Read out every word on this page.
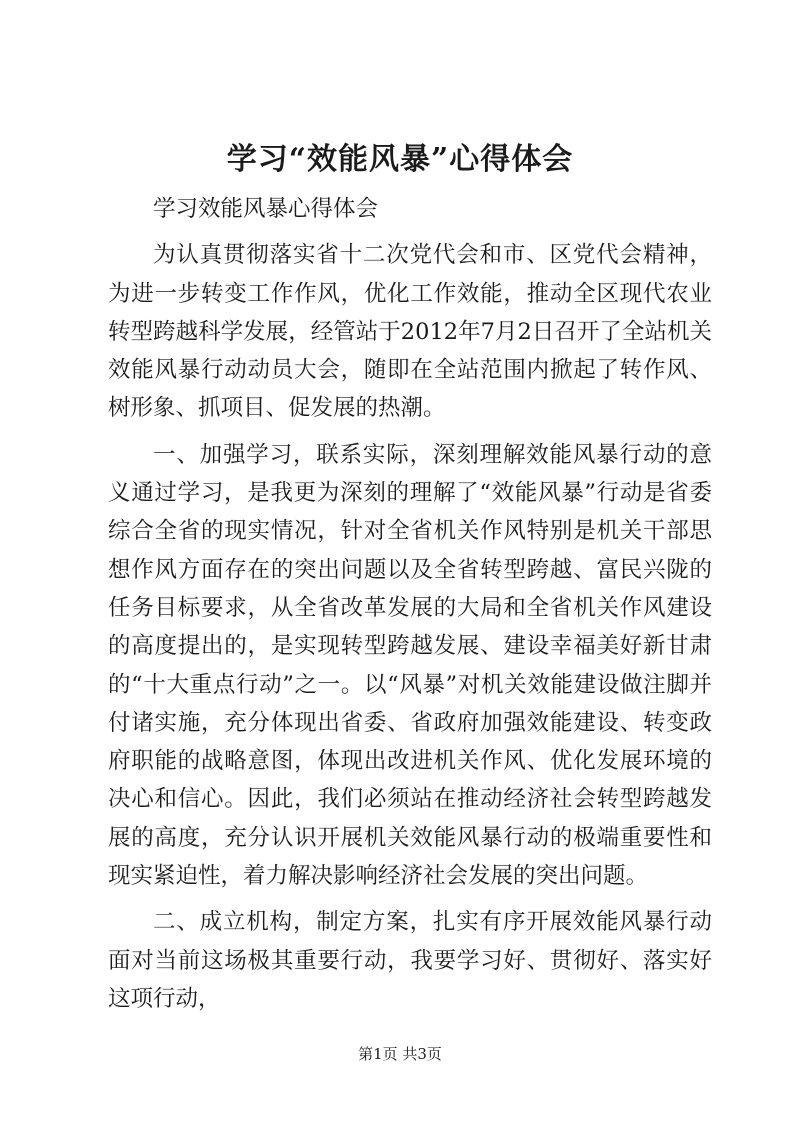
学习“效能风暴”心得体会

学习效能风暴心得体会

为认真贯彻落实省十二次党代会和市、区党代会精神，为进一步转变工作作风，优化工作效能，推动全区现代农业转型跨越科学发展，经管站于2012年7月2日召开了全站机关效能风暴行动动员大会，随即在全站范围内掀起了转作风、树形象、抓项目、促发展的热潮。

一、加强学习，联系实际，深刻理解效能风暴行动的意义通过学习，是我更为深刻的理解了“效能风暴”行动是省委综合全省的现实情况，针对全省机关作风特别是机关干部思想作风方面存在的突出问题以及全省转型跨越、富民兴陇的任务目标要求，从全省改革发展的大局和全省机关作风建设的高度提出的，是实现转型跨越发展、建设幸福美好新甘肃的“十大重点行动”之一。以“风暴”对机关效能建设做注脚并付诸实施，充分体现出省委、省政府加强效能建设、转变政府职能的战略意图，体现出改进机关作风、优化发展环境的决心和信心。因此，我们必须站在推动经济社会转型跨越发展的高度，充分认识开展机关效能风暴行动的极端重要性和现实紧迫性，着力解决影响经济社会发展的突出问题。

二、成立机构，制定方案，扎实有序开展效能风暴行动面对当前这场极其重要行动，我要学习好、贯彻好、落实好这项行动，

第1页 共3页
